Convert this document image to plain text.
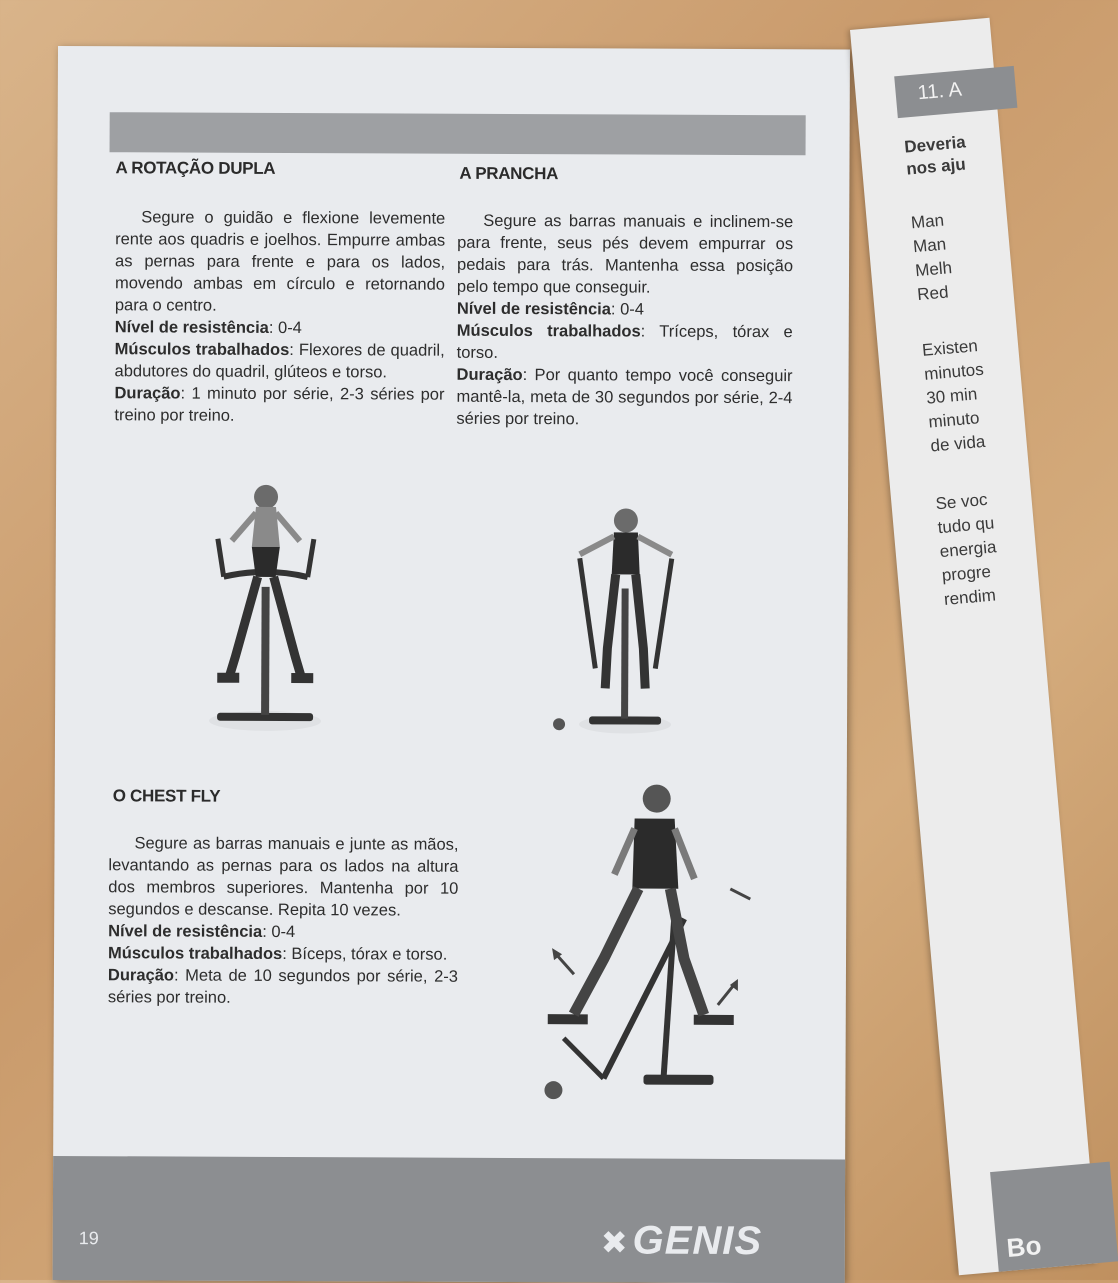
A ROTAÇÃO DUPLA

Segure o guidão e flexione levemente rente aos quadris e joelhos. Empurre ambas as pernas para frente e para os lados, movendo ambas em círculo e retornando para o centro.

Nível de resistência: 0-4

Músculos trabalhados: Flexores de quadril, abdutores do quadril, glúteos e torso.

Duração: 1 minuto por série, 2-3 séries por treino por treino.

A PRANCHA

Segure as barras manuais e inclinem-se para frente, seus pés devem empurrar os pedais para trás. Mantenha essa posição pelo tempo que conseguir.

Nível de resistência: 0-4

Músculos trabalhados: Tríceps, tórax e torso.

Duração: Por quanto tempo você conseguir mantê-la, meta de 30 segundos por série, 2-4 séries por treino.

O CHEST FLY

Segure as barras manuais e junte as mãos, levantando as pernas para os lados na altura dos membros superiores. Mantenha por 10 segundos e descanse. Repita 10 vezes.

Nível de resistência: 0-4

Músculos trabalhados: Bíceps, tórax e torso.

Duração: Meta de 10 segundos por série, 2-3 séries por treino.

19	✖GENIS
11. A
Deveria
nos aju
Man
Man
Melh
Red
Existen
minutos
30 min
minuto
de vida
Se voc
tudo qu
energia
progre
rendim
Bo
